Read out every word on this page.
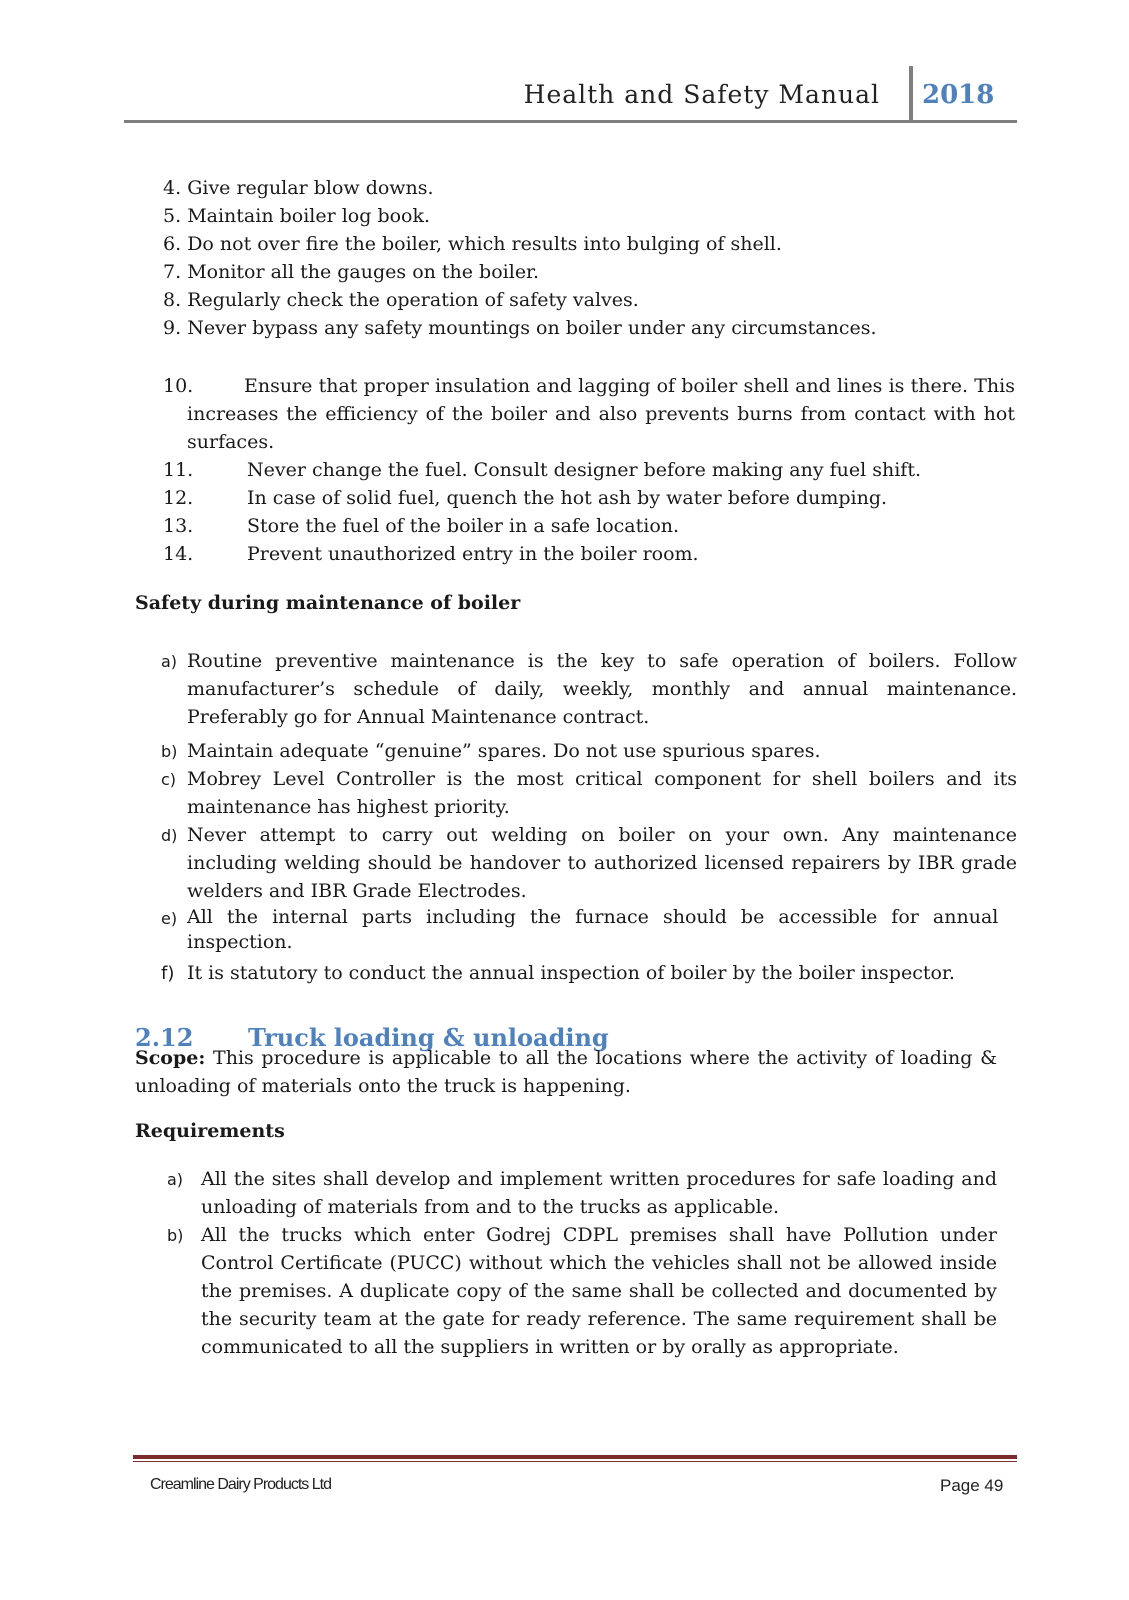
Health and Safety Manual 2018
4. Give regular blow downs.
5. Maintain boiler log book.
6. Do not over fire the boiler, which results into bulging of shell.
7. Monitor all the gauges on the boiler.
8. Regularly check the operation of safety valves.
9. Never bypass any safety mountings on boiler under any circumstances.
10.	Ensure that proper insulation and lagging of boiler shell and lines is there. This increases the efficiency of the boiler and also prevents burns from contact with hot surfaces.
11.	Never change the fuel. Consult designer before making any fuel shift.
12.	In case of solid fuel, quench the hot ash by water before dumping.
13.	Store the fuel of the boiler in a safe location.
14.	Prevent unauthorized entry in the boiler room.
Safety during maintenance of boiler
a) Routine preventive maintenance is the key to safe operation of boilers. Follow manufacturer’s schedule of daily, weekly, monthly and annual maintenance. Preferably go for Annual Maintenance contract.
b) Maintain adequate “genuine” spares. Do not use spurious spares.
c) Mobrey Level Controller is the most critical component for shell boilers and its maintenance has highest priority.
d) Never attempt to carry out welding on boiler on your own. Any maintenance including welding should be handover to authorized licensed repairers by IBR grade welders and IBR Grade Electrodes.
e) All the internal parts including the furnace should be accessible for annual inspection.
f) It is statutory to conduct the annual inspection of boiler by the boiler inspector.
2.12 Truck loading & unloading
Scope: This procedure is applicable to all the locations where the activity of loading & unloading of materials onto the truck is happening.
Requirements
a) All the sites shall develop and implement written procedures for safe loading and unloading of materials from and to the trucks as applicable.
b) All the trucks which enter Godrej CDPL premises shall have Pollution under Control Certificate (PUCC) without which the vehicles shall not be allowed inside the premises. A duplicate copy of the same shall be collected and documented by the security team at the gate for ready reference. The same requirement shall be communicated to all the suppliers in written or by orally as appropriate.
Creamline Dairy Products Ltd	Page 49
